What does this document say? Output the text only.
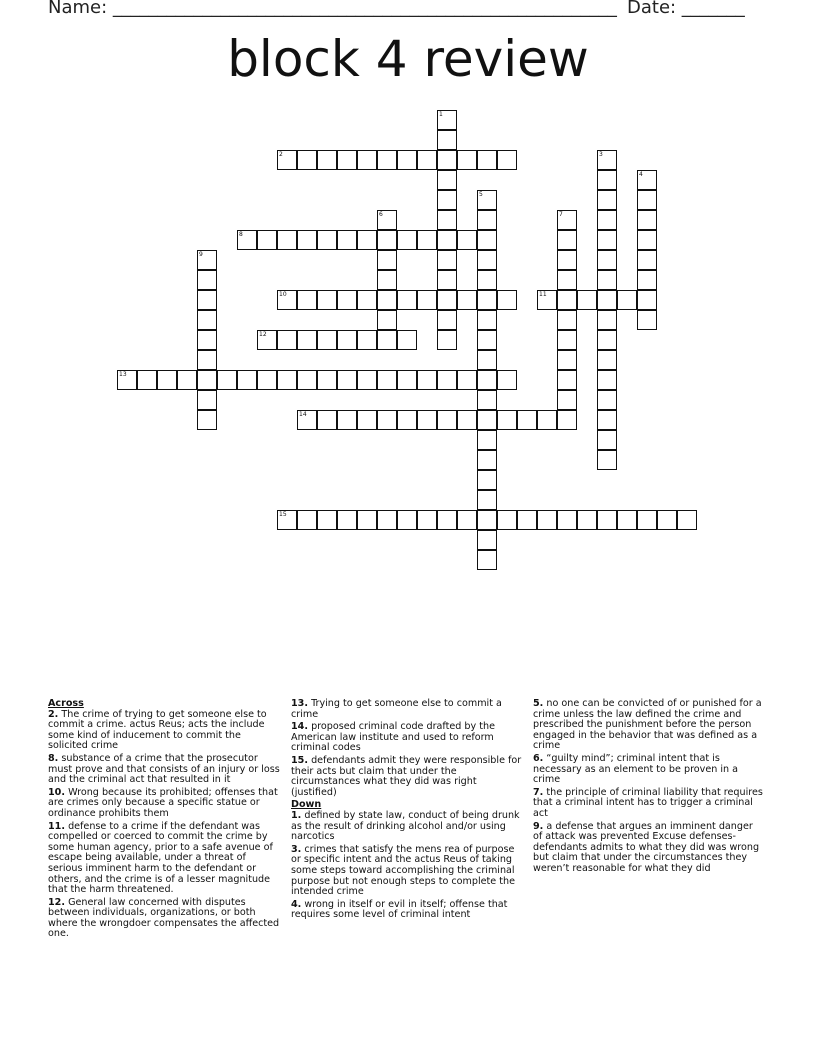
Name: ________________________________________________________ Date: _______
block 4 review
1
2	3
4
5
6	7
8
9
10	11
12
13
14
15

Across

2. The crime of trying to get someone else to commit a crime. actus Reus; acts the include some kind of inducement to commit the solicited crime

8. substance of a crime that the prosecutor must prove and that consists of an injury or loss and the criminal act that resulted in it

10. Wrong because its prohibited; offenses that are crimes only because a specific statue or ordinance prohibits them

11. defense to a crime if the defendant was compelled or coerced to commit the crime by some human agency, prior to a safe avenue of escape being available, under a threat of serious imminent harm to the defendant or others, and the crime is of a lesser magnitude that the harm threatened.

12. General law concerned with disputes between individuals, organizations, or both where the wrongdoer compensates the affected one.

13. Trying to get someone else to commit a crime

14. proposed criminal code drafted by the American law institute and used to reform criminal codes

15. defendants admit they were responsible for their acts but claim that under the circumstances what they did was right (justified)

Down

1. defined by state law, conduct of being drunk as the result of drinking alcohol and/or using narcotics

3. crimes that satisfy the mens rea of purpose or specific intent and the actus Reus of taking some steps toward accomplishing the criminal purpose but not enough steps to complete the intended crime

4. wrong in itself or evil in itself; offense that requires some level of criminal intent

5. no one can be convicted of or punished for a crime unless the law defined the crime and prescribed the punishment before the person engaged in the behavior that was defined as a crime

6. “guilty mind”; criminal intent that is necessary as an element to be proven in a crime

7. the principle of criminal liability that requires that a criminal intent has to trigger a criminal act

9. a defense that argues an imminent danger of attack was prevented Excuse defenses-defendants admits to what they did was wrong but claim that under the circumstances they weren’t reasonable for what they did
